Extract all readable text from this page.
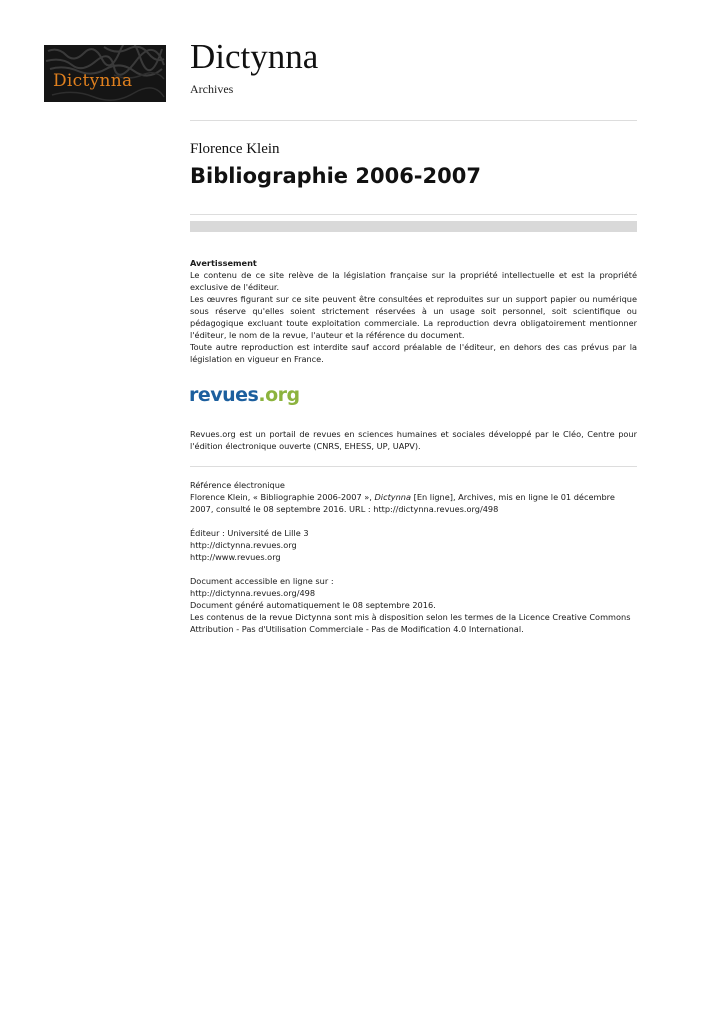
Dictynna
Dictynna
Archives
Florence Klein
Bibliographie 2006-2007

Avertissement

Le contenu de ce site relève de la législation française sur la propriété intellectuelle et est la propriété exclusive de l'éditeur.

Les œuvres figurant sur ce site peuvent être consultées et reproduites sur un support papier ou numérique sous réserve qu'elles soient strictement réservées à un usage soit personnel, soit scientifique ou pédagogique excluant toute exploitation commerciale. La reproduction devra obligatoirement mentionner l'éditeur, le nom de la revue, l'auteur et la référence du document.

Toute autre reproduction est interdite sauf accord préalable de l'éditeur, en dehors des cas prévus par la législation en vigueur en France.

revues.org
Revues.org est un portail de revues en sciences humaines et sociales développé par le Cléo, Centre pour l'édition électronique ouverte (CNRS, EHESS, UP, UAPV).

Référence électronique

Florence Klein, « Bibliographie 2006-2007 », Dictynna [En ligne], Archives, mis en ligne le 01 décembre 2007, consulté le 08 septembre 2016. URL : http://dictynna.revues.org/498

Éditeur : Université de Lille 3

http://dictynna.revues.org

http://www.revues.org

Document accessible en ligne sur :

http://dictynna.revues.org/498

Document généré automatiquement le 08 septembre 2016.

Les contenus de la revue Dictynna sont mis à disposition selon les termes de la Licence Creative Commons Attribution - Pas d'Utilisation Commerciale - Pas de Modification 4.0 International.
